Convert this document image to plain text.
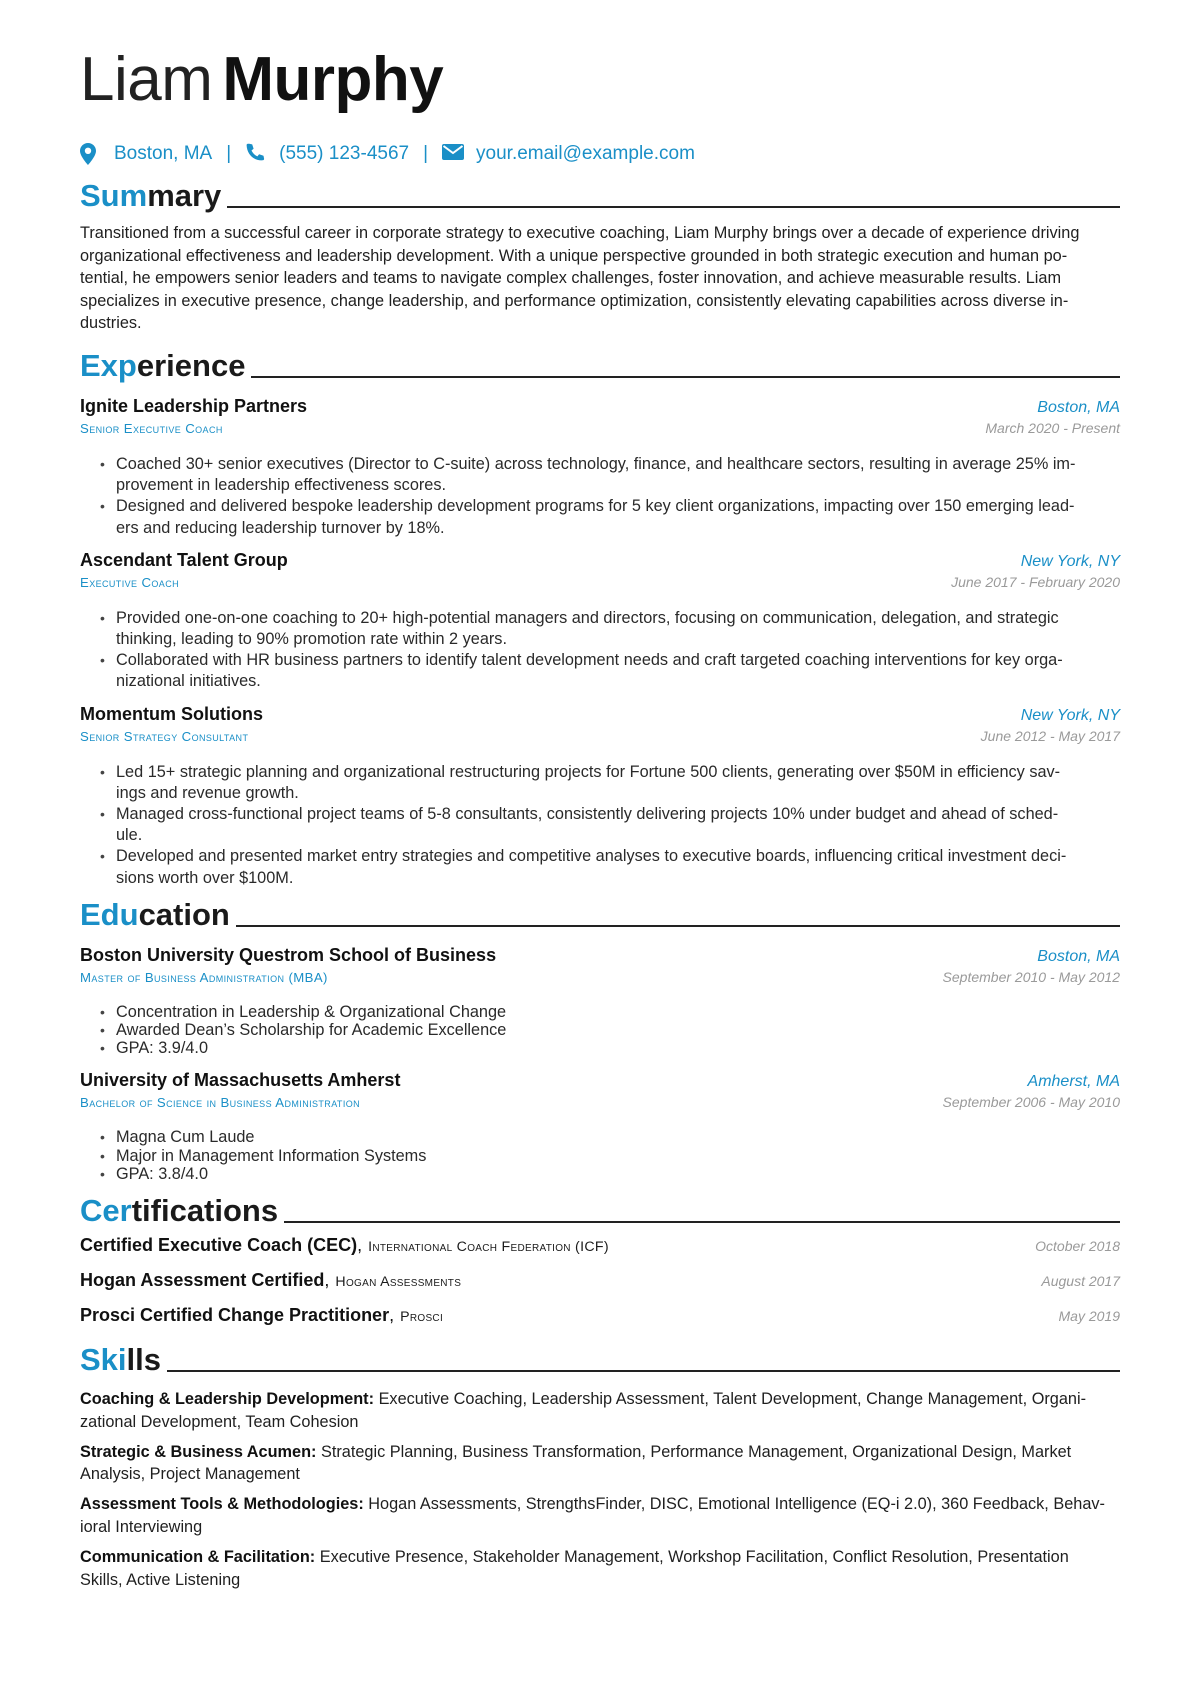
Liam Murphy
Boston, MA |	(555) 123-4567 |	your.email@example.com
Sum mary
Transitioned from a successful career in corporate strategy to executive coaching, Liam Murphy brings over a decade of experience driving
organizational effectiveness and leadership development. With a unique perspective grounded in both strategic execution and human po-
tential, he empowers senior leaders and teams to navigate complex challenges, foster innovation, and achieve measurable results. Liam
specializes in executive presence, change leadership, and performance optimization, consistently elevating capabilities across diverse in-
dustries.
Exp erience
Ignite Leadership Partners	Boston, MA
Senior Executive Coach	March 2020 - Present
• Coached 30+ senior executives (Director to C-suite) across technology, finance, and healthcare sectors, resulting in average 25% im-
provement in leadership effectiveness scores.
• Designed and delivered bespoke leadership development programs for 5 key client organizations, impacting over 150 emerging lead-
ers and reducing leadership turnover by 18%.
Ascendant Talent Group	New York, NY
Executive Coach	June 2017 - February 2020
• Provided one-on-one coaching to 20+ high-potential managers and directors, focusing on communication, delegation, and strategic
thinking, leading to 90% promotion rate within 2 years.
• Collaborated with HR business partners to identify talent development needs and craft targeted coaching interventions for key orga-
nizational initiatives.
Momentum Solutions	New York, NY
Senior Strategy Consultant	June 2012 - May 2017
• Led 15+ strategic planning and organizational restructuring projects for Fortune 500 clients, generating over $50M in efficiency sav-
ings and revenue growth.
• Managed cross-functional project teams of 5-8 consultants, consistently delivering projects 10% under budget and ahead of sched-
ule.
• Developed and presented market entry strategies and competitive analyses to executive boards, influencing critical investment deci-
sions worth over $100M.
Edu cation
Boston University Questrom School of Business	Boston, MA
Master of Business Administration (MBA)	September 2010 - May 2012
• Concentration in Leadership & Organizational Change
• Awarded Dean’s Scholarship for Academic Excellence
• GPA: 3.9/4.0
University of Massachusetts Amherst	Amherst, MA
Bachelor of Science in Business Administration	September 2006 - May 2010
• Magna Cum Laude
• Major in Management Information Systems
• GPA: 3.8/4.0
Cer tifications
Certified Executive Coach (CEC), International Coach Federation (ICF)	October 2018
Hogan Assessment Certified, Hogan Assessments	August 2017
Prosci Certified Change Practitioner, Prosci	May 2019
Ski lls
Coaching & Leadership Development: Executive Coaching, Leadership Assessment, Talent Development, Change Management, Organi-
zational Development, Team Cohesion
Strategic & Business Acumen: Strategic Planning, Business Transformation, Performance Management, Organizational Design, Market
Analysis, Project Management
Assessment Tools & Methodologies: Hogan Assessments, StrengthsFinder, DISC, Emotional Intelligence (EQ-i 2.0), 360 Feedback, Behav-
ioral Interviewing
Communication & Facilitation: Executive Presence, Stakeholder Management, Workshop Facilitation, Conflict Resolution, Presentation
Skills, Active Listening
